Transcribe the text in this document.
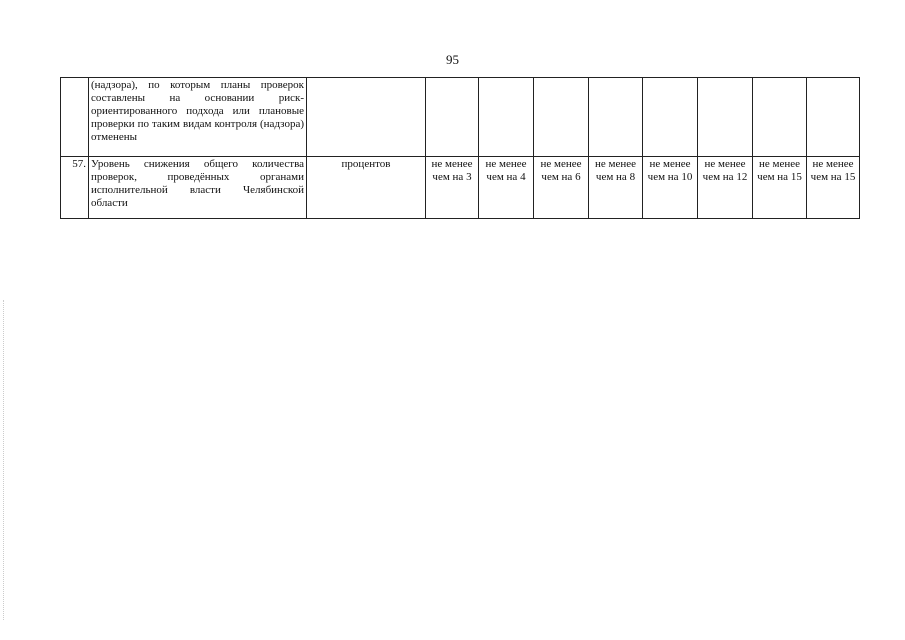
95
	(надзора), по которым планы проверок составлены на основании риск-ориентированного подхода или плановые проверки по таким видам контроля (надзора) отменены									
57.	Уровень снижения общего количества проверок, проведённых органами исполнительной власти Челябинской области	процентов	не менее чем на 3	не менее чем на 4	не менее чем на 6	не менее чем на 8	не менее чем на 10	не менее чем на 12	не менее чем на 15	не менее чем на 15
